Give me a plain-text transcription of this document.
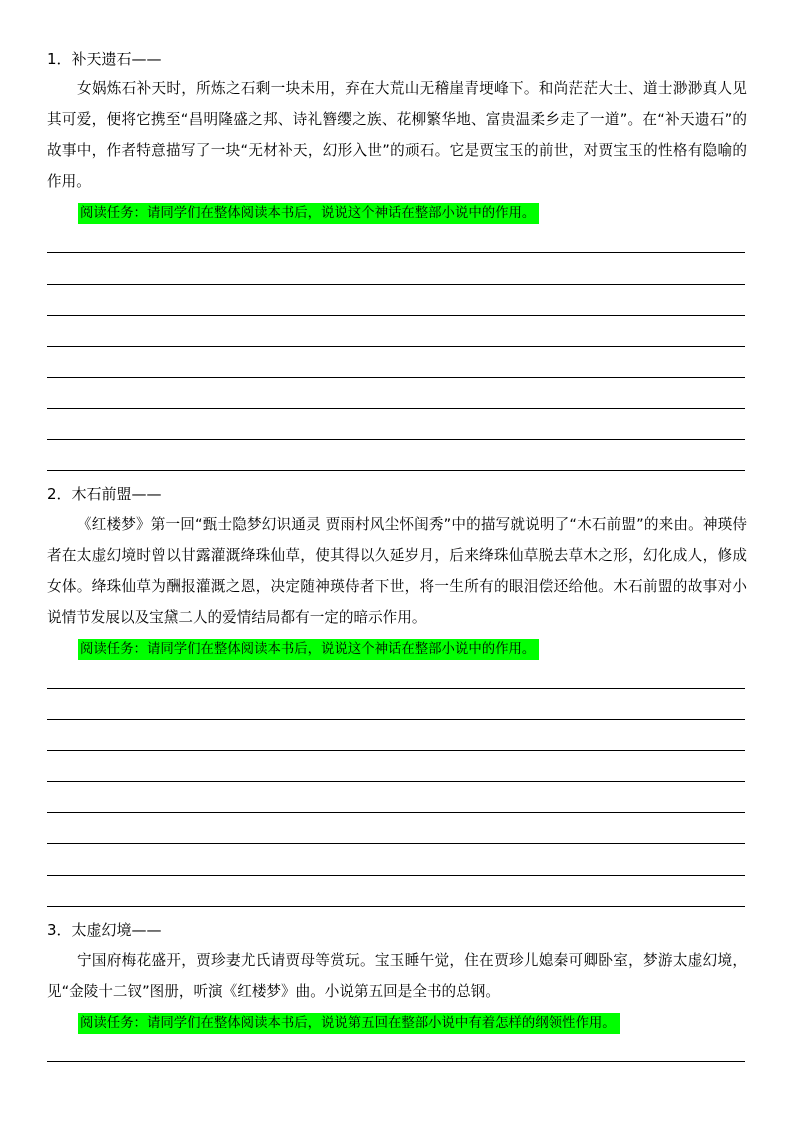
1．补天遗石——
女娲炼石补天时，所炼之石剩一块未用，弃在大荒山无稽崖青埂峰下。和尚茫茫大士、道士渺渺真人见其可爱，便将它携至“昌明隆盛之邦、诗礼簪缨之族、花柳繁华地、富贵温柔乡走了一道”。在“补天遗石”的故事中，作者特意描写了一块“无材补天，幻形入世”的顽石。它是贾宝玉的前世，对贾宝玉的性格有隐喻的作用。
阅读任务：请同学们在整体阅读本书后，说说这个神话在整部小说中的作用。
2．木石前盟——
《红楼梦》第一回“甄士隐梦幻识通灵 贾雨村风尘怀闺秀”中的描写就说明了“木石前盟”的来由。神瑛侍者在太虚幻境时曾以甘露灌溉绛珠仙草，使其得以久延岁月，后来绛珠仙草脱去草木之形，幻化成人，修成女体。绛珠仙草为酬报灌溉之恩，决定随神瑛侍者下世，将一生所有的眼泪偿还给他。木石前盟的故事对小说情节发展以及宝黛二人的爱情结局都有一定的暗示作用。
阅读任务：请同学们在整体阅读本书后，说说这个神话在整部小说中的作用。
3．太虚幻境——
宁国府梅花盛开，贾珍妻尤氏请贾母等赏玩。宝玉睡午觉，住在贾珍儿媳秦可卿卧室，梦游太虚幻境，见“金陵十二钗”图册，听演《红楼梦》曲。小说第五回是全书的总钢。
阅读任务：请同学们在整体阅读本书后，说说第五回在整部小说中有着怎样的纲领性作用。
